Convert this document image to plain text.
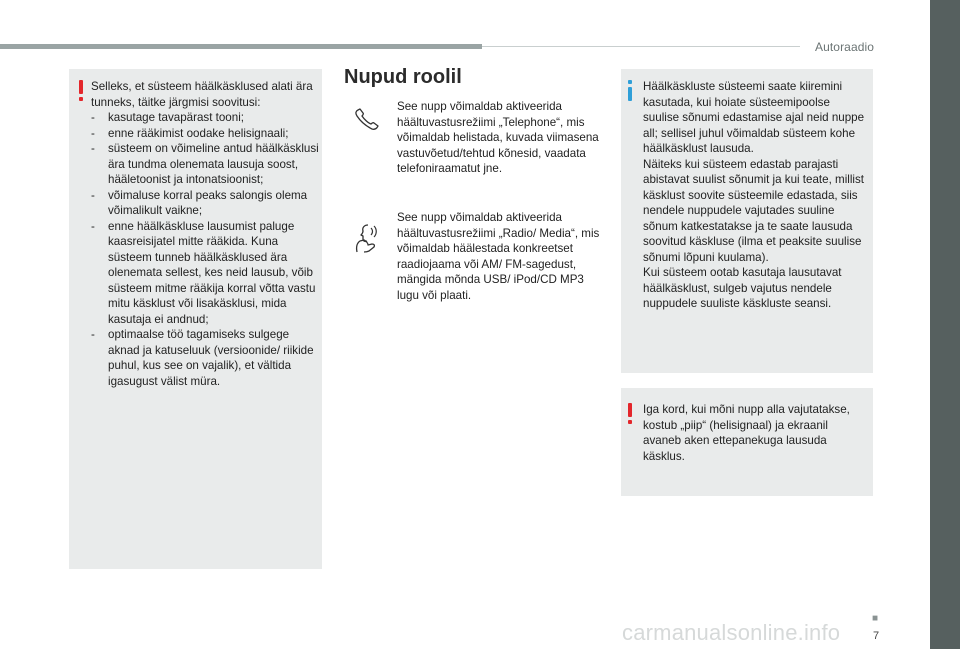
Autoraadio

Selleks, et süsteem häälkäsklused alati ära tunneks, täitke järgmisi soovitusi:

- kasutage tavapärast tooni;
- enne rääkimist oodake helisignaali;
- süsteem on võimeline antud häälkäsklusi ära tundma olenemata lausuja soost, hääletoonist ja intonatsioonist;
- võimaluse korral peaks salongis olema võimalikult vaikne;
- enne häälkäskluse lausumist paluge kaasreisijatel mitte rääkida. Kuna süsteem tunneb häälkäsklused ära olenemata sellest, kes neid lausub, võib süsteem mitme rääkija korral võtta vastu mitu käsklust või lisakäsklusi, mida kasutaja ei andnud;
- optimaalse töö tagamiseks sulgege aknad ja katuseluuk (versioonide/ riikide puhul, kus see on vajalik), et vältida igasugust välist müra.
Nupud roolil

See nupp võimaldab aktiveerida häältuvastusrežiimi „Telephone“, mis võimaldab helistada, kuvada viimasena vastuvõetud/tehtud kõnesid, vaadata telefoniraamatut jne.

See nupp võimaldab aktiveerida häältuvastusrežiimi „Radio/ Media“, mis võimaldab häälestada konkreetset raadiojaama või AM/ FM-sagedust, mängida mõnda USB/ iPod/CD MP3 lugu või plaati.

Häälkäskluste süsteemi saate kiiremini kasutada, kui hoiate süsteemipoolse suulise sõnumi edastamise ajal neid nuppe all; sellisel juhul võimaldab süsteem kohe häälkäsklust lausuda.
Näiteks kui süsteem edastab parajasti abistavat suulist sõnumit ja kui teate, millist käsklust soovite süsteemile edastada, siis nendele nuppudele vajutades suuline sõnum katkestatakse ja te saate lausuda soovitud käskluse (ilma et peaksite suulise sõnumi lõpuni kuulama).
Kui süsteem ootab kasutaja lausutavat häälkäsklust, sulgeb vajutus nendele nuppudele suuliste käskluste seansi.

Iga kord, kui mõni nupp alla vajutatakse, kostub „piip“ (helisignaal) ja ekraanil avaneb aken ettepanekuga lausuda käsklus.

carmanualsonline.info
■
7
